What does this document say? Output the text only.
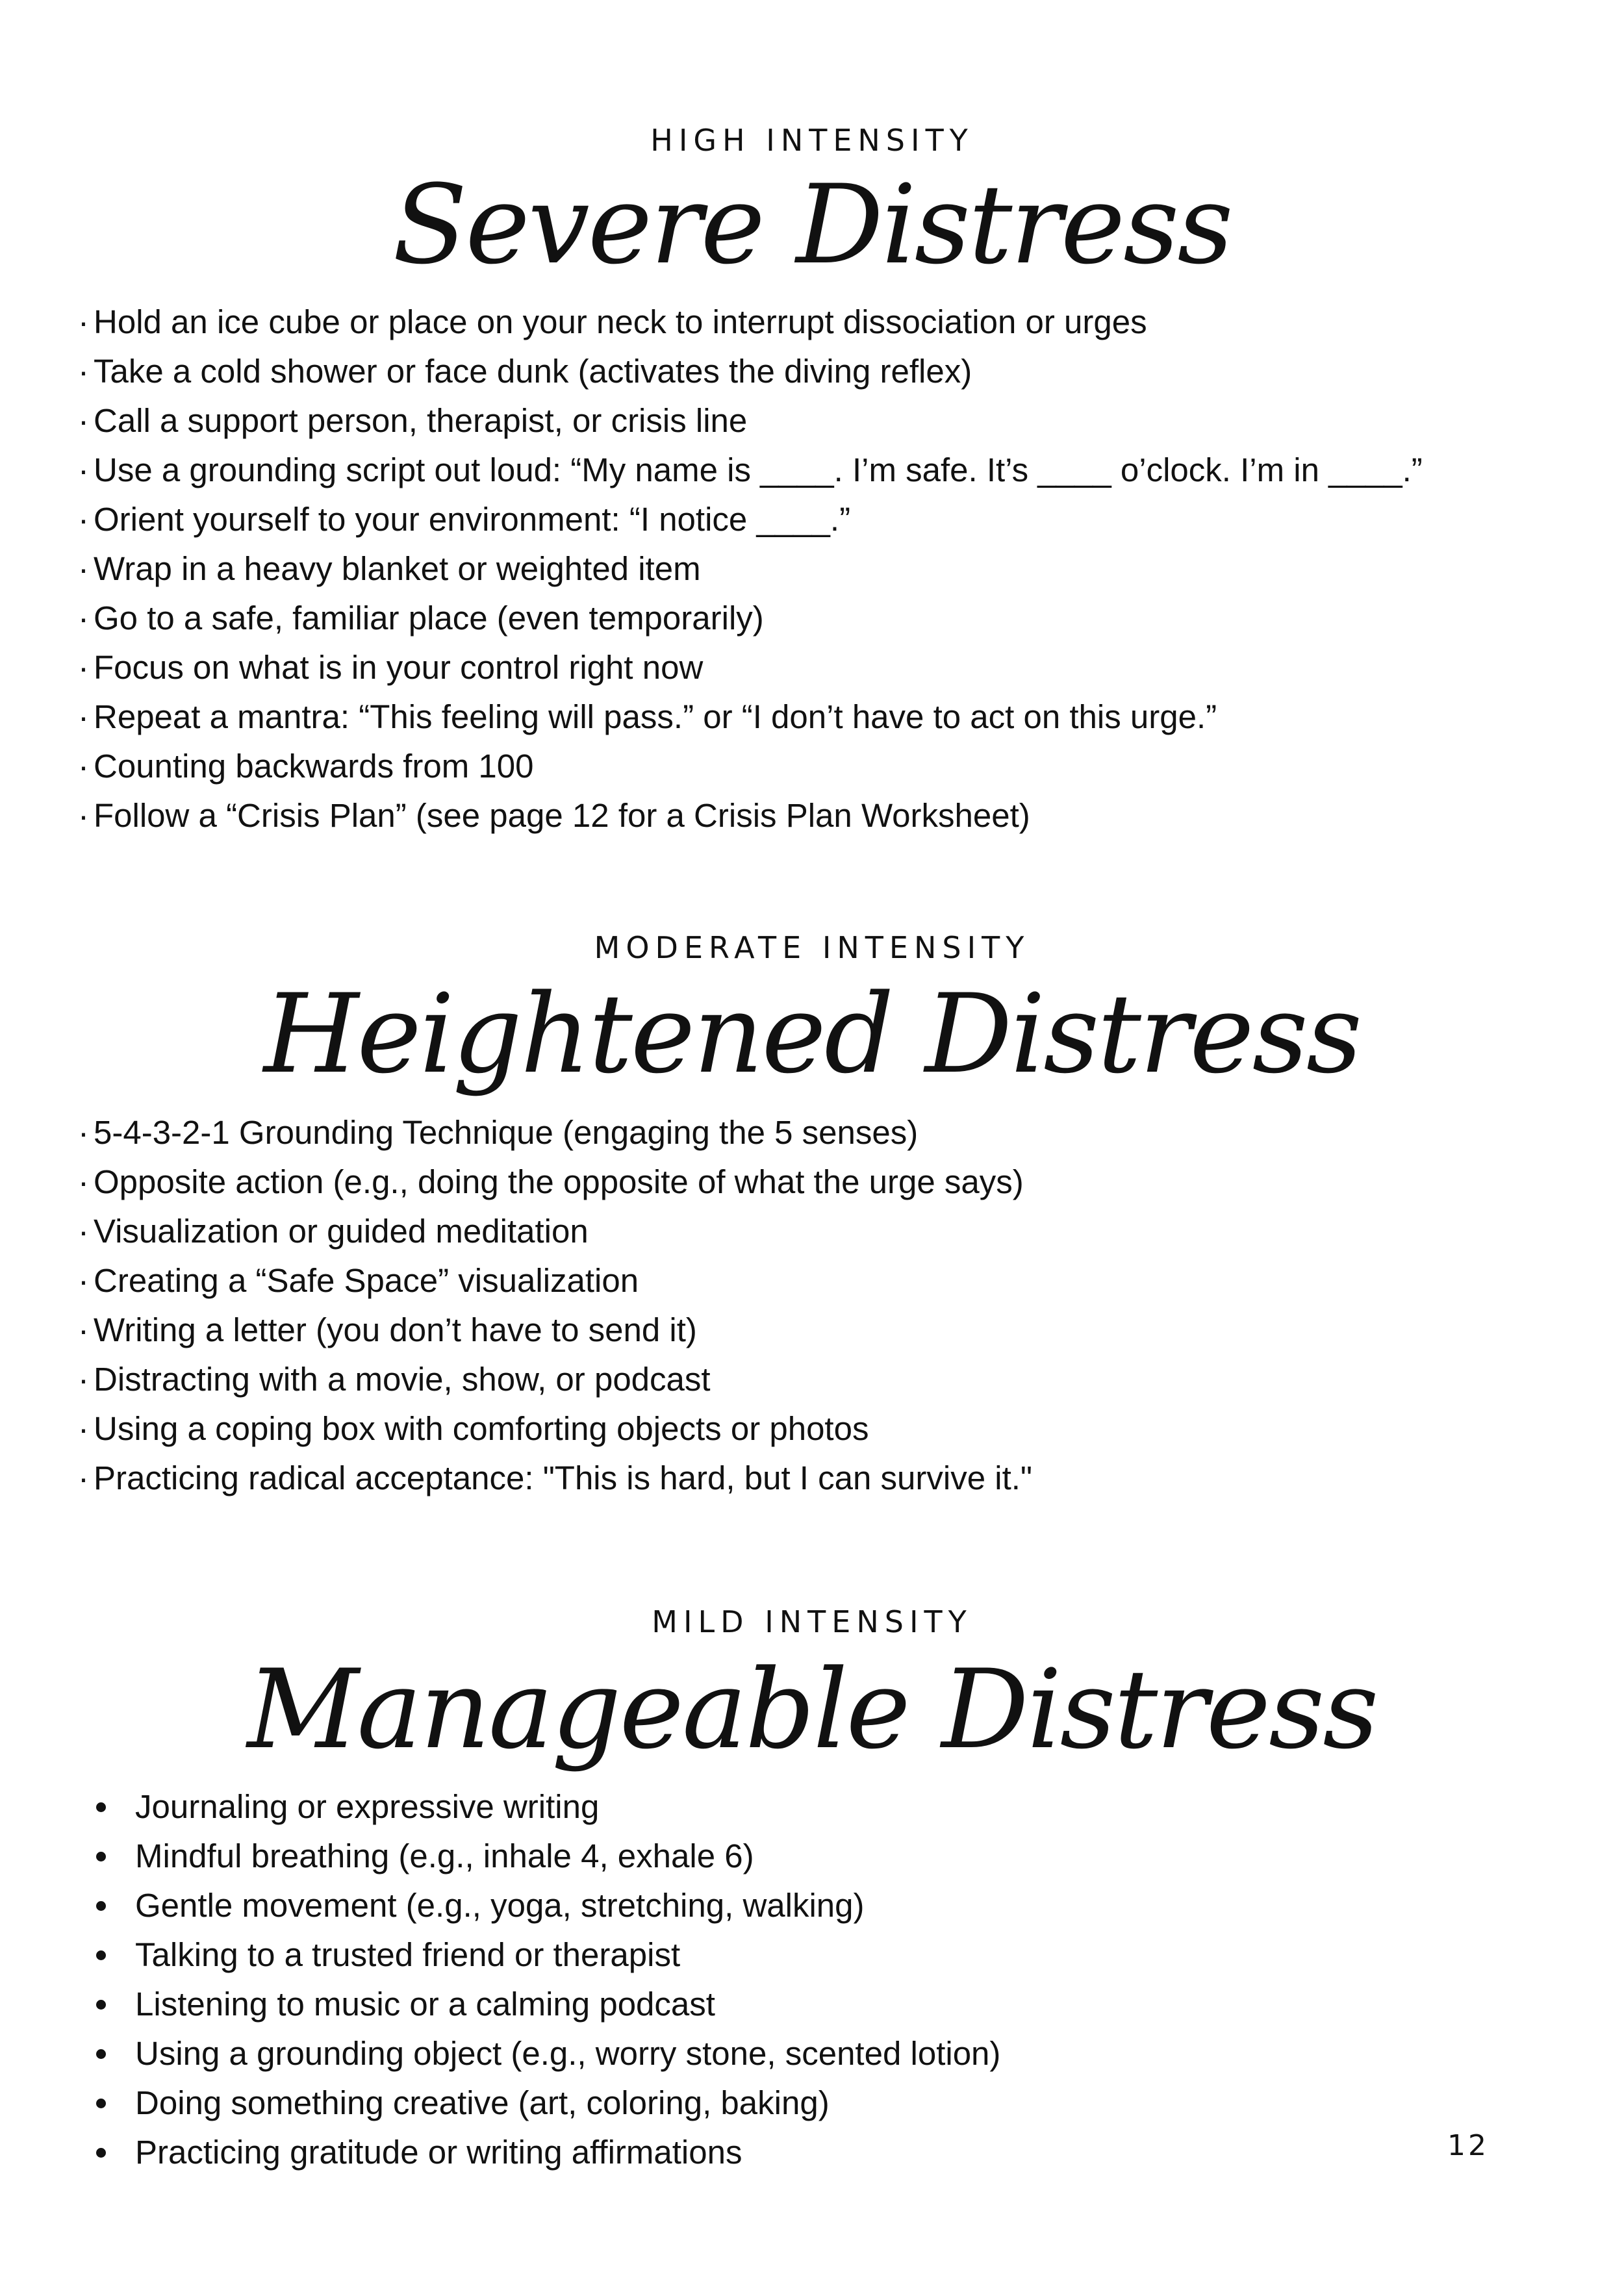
HIGH INTENSITY
Severe Distress
· Hold an ice cube or place on your neck to interrupt dissociation or urges
· Take a cold shower or face dunk (activates the diving reflex)
· Call a support person, therapist, or crisis line
· Use a grounding script out loud: “My name is ____. I’m safe. It’s ____ o’clock. I’m in ____.”
· Orient yourself to your environment: “I notice ____.”
· Wrap in a heavy blanket or weighted item
· Go to a safe, familiar place (even temporarily)
· Focus on what is in your control right now
· Repeat a mantra: “This feeling will pass.” or “I don’t have to act on this urge.”
· Counting backwards from 100
· Follow a “Crisis Plan” (see page 12 for a Crisis Plan Worksheet)
MODERATE INTENSITY
Heightened Distress
· 5-4-3-2-1 Grounding Technique (engaging the 5 senses)
· Opposite action (e.g., doing the opposite of what the urge says)
· Visualization or guided meditation
· Creating a “Safe Space” visualization
· Writing a letter (you don’t have to send it)
· Distracting with a movie, show, or podcast
· Using a coping box with comforting objects or photos
· Practicing radical acceptance: "This is hard, but I can survive it."
MILD INTENSITY
Manageable Distress
Journaling or expressive writing
Mindful breathing (e.g., inhale 4, exhale 6)
Gentle movement (e.g., yoga, stretching, walking)
Talking to a trusted friend or therapist
Listening to music or a calming podcast
Using a grounding object (e.g., worry stone, scented lotion)
Doing something creative (art, coloring, baking)
Practicing gratitude or writing affirmations	12
